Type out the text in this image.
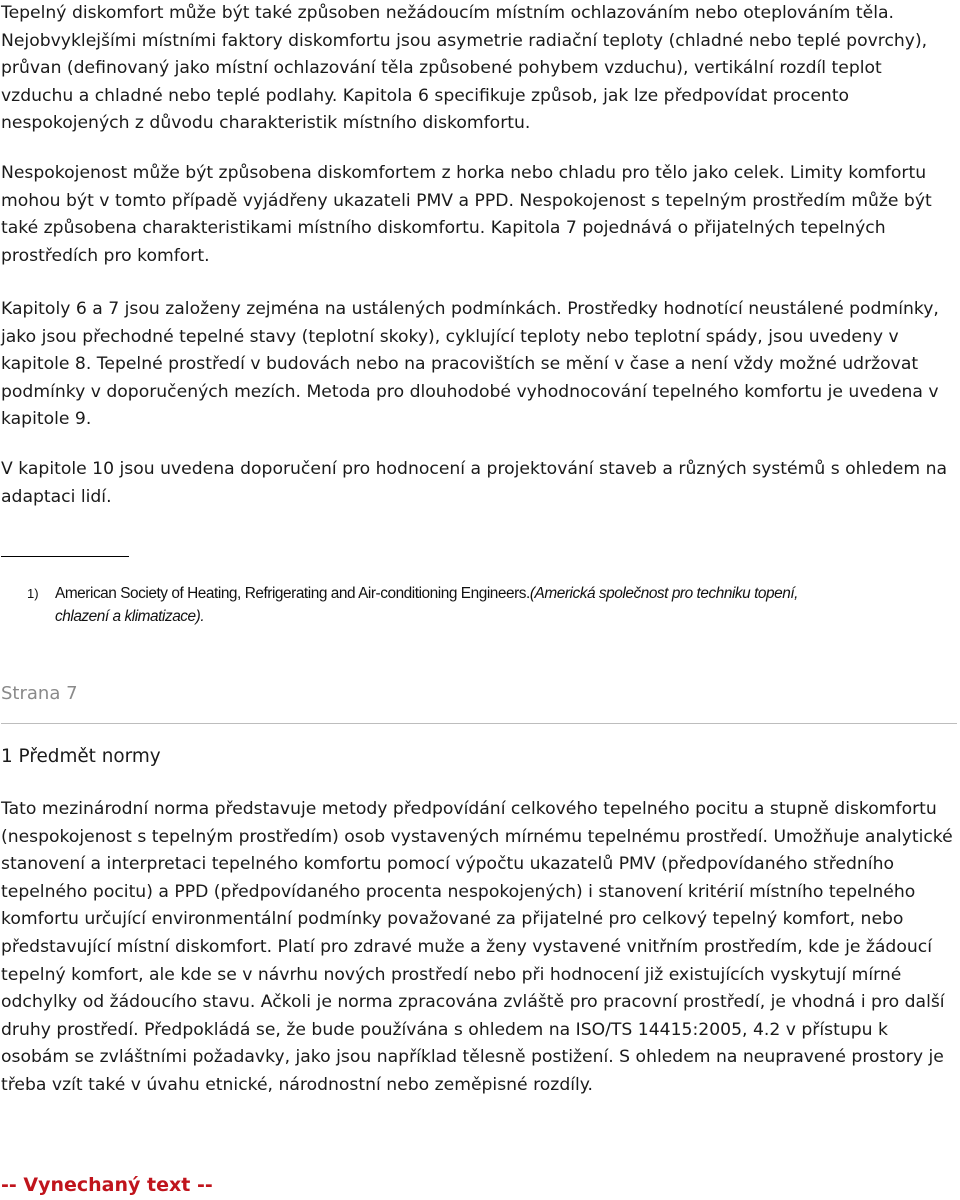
Tepelný diskomfort může být také způsoben nežádoucím místním ochlazováním nebo oteplováním těla. Nejobvyklejšími místními faktory diskomfortu jsou asymetrie radiační teploty (chladné nebo teplé povrchy), průvan (definovaný jako místní ochlazování těla způsobené pohybem vzduchu), vertikální rozdíl teplot vzduchu a chladné nebo teplé podlahy. Kapitola 6 specifikuje způsob, jak lze předpovídat procento nespokojených z důvodu charakteristik místního diskomfortu.

Nespokojenost může být způsobena diskomfortem z horka nebo chladu pro tělo jako celek. Limity komfortu mohou být v tomto případě vyjádřeny ukazateli PMV a PPD. Nespokojenost s tepelným prostředím může být také způsobena charakteristikami místního diskomfortu. Kapitola 7 pojednává o přijatelných tepelných prostředích pro komfort.

Kapitoly 6 a 7 jsou založeny zejména na ustálených podmínkách. Prostředky hodnotící neustálené podmínky, jako jsou přechodné tepelné stavy (teplotní skoky), cyklující teploty nebo teplotní spády, jsou uvedeny v kapitole 8. Tepelné prostředí v budovách nebo na pracovištích se mění v čase a není vždy možné udržovat podmínky v doporučených mezích. Metoda pro dlouhodobé vyhodnocování tepelného komfortu je uvedena v kapitole 9.

V kapitole 10 jsou uvedena doporučení pro hodnocení a projektování staveb a různých systémů s ohledem na adaptaci lidí.

1) American Society of Heating, Refrigerating and Air-conditioning Engineers.(Americká společnost pro techniku topení,
chlazení a klimatizace).

Strana 7

1 Předmět normy

Tato mezinárodní norma představuje metody předpovídání celkového tepelného pocitu a stupně diskomfortu (nespokojenost s tepelným prostředím) osob vystavených mírnému tepelnému prostředí. Umožňuje analytické stanovení a interpretaci tepelného komfortu pomocí výpočtu ukazatelů PMV (předpovídaného středního tepelného pocitu) a PPD (předpovídaného procenta nespokojených) i stanovení kritérií místního tepelného komfortu určující environmentální podmínky považované za přijatelné pro celkový tepelný komfort, nebo představující místní diskomfort. Platí pro zdravé muže a ženy vystavené vnitřním prostředím, kde je žádoucí tepelný komfort, ale kde se v návrhu nových prostředí nebo při hodnocení již existujících vyskytují mírné odchylky od žádoucího stavu. Ačkoli je norma zpracována zvláště pro pracovní prostředí, je vhodná i pro další druhy prostředí. Předpokládá se, že bude používána s ohledem na ISO/TS 14415:2005, 4.2 v přístupu k osobám se zvláštními požadavky, jako jsou například tělesně postižení. S ohledem na neupravené prostory je třeba vzít také v úvahu etnické, národnostní nebo zeměpisné rozdíly.

-- Vynechaný text --
